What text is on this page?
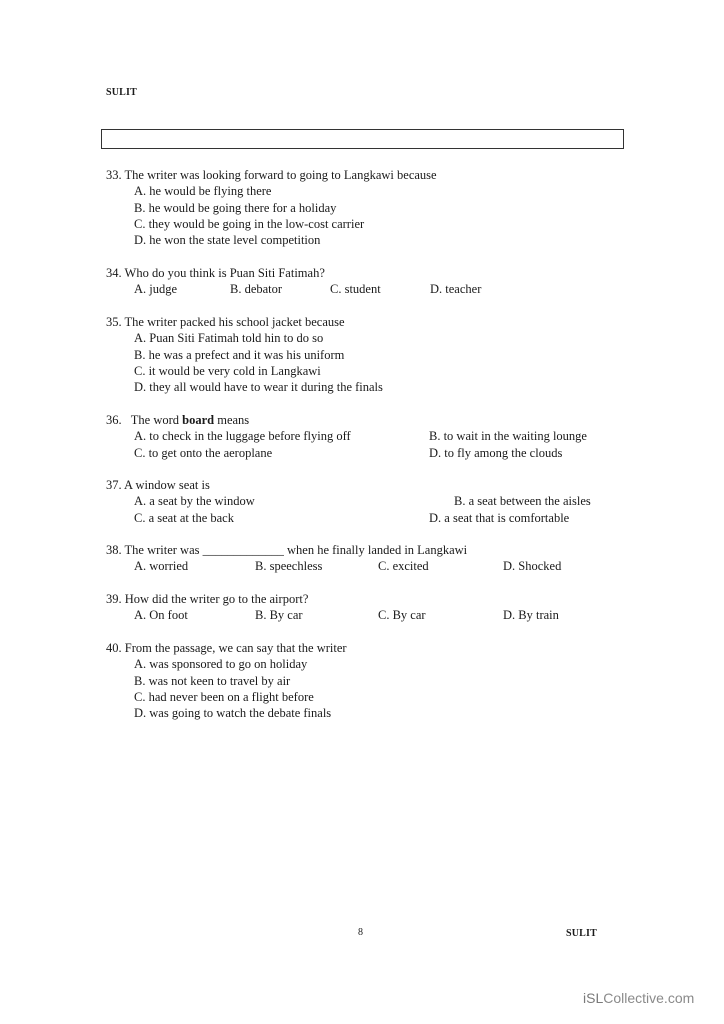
SULIT
33. The writer was looking forward to going to Langkawi because
A. he would be flying there
B. he would be going there for a holiday
C. they would be going in the low-cost carrier
D. he won the state level competition
34. Who do you think is Puan Siti Fatimah?
A. judge	B. debator	C. student	D. teacher
35. The writer packed his school jacket because
A. Puan Siti Fatimah told hin to do so
B. he was a prefect and it was his uniform
C. it would be very cold in Langkawi
D. they all would have to wear it during the finals
36.   The word board means
A. to check in the luggage before flying off	B. to wait in the waiting lounge
C. to get onto the aeroplane	D. to fly among the clouds
37. A window seat is
A. a seat by the window	B. a seat between the aisles
C. a seat at the back	D. a seat that is comfortable
38. The writer was _____________ when he finally landed in Langkawi
A. worried	B. speechless	C. excited	D. Shocked
39. How did the writer go to the airport?
A. On foot	B. By car	C. By car	D. By train
40. From the passage, we can say that the writer
A. was sponsored to go on holiday
B. was not keen to travel by air
C. had never been on a flight before
D. was going to watch the debate finals
8	SULIT
iSLCollective.com
